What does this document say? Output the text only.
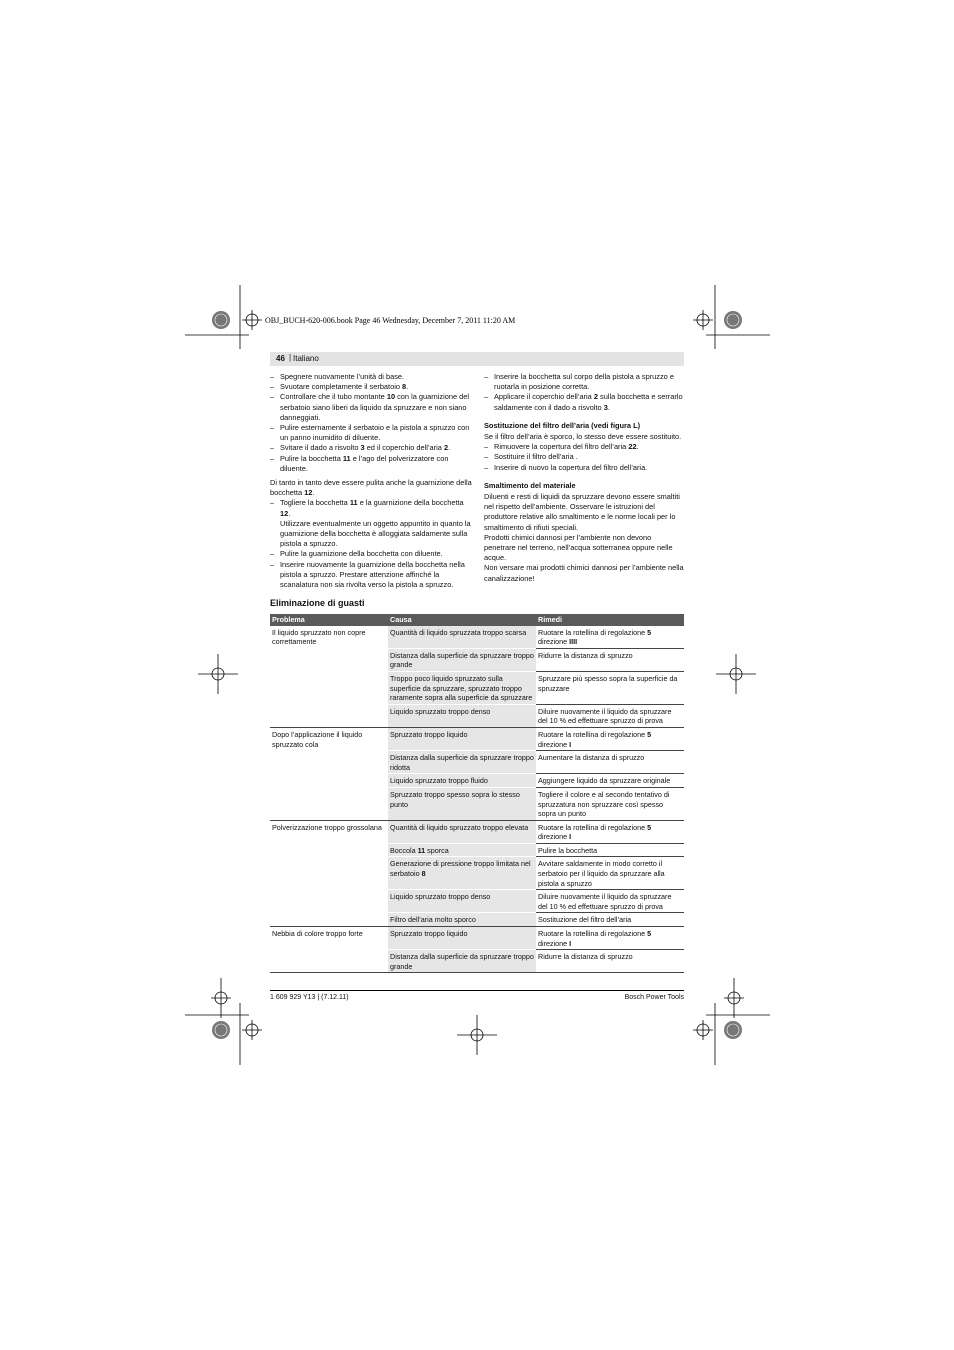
OBJ_BUCH-620-006.book Page 46 Wednesday, December 7, 2011 11:20 AM
46 | Italiano
– Spegnere nuovamente l’unità di base.
– Svuotare completamente il serbatoio 8.
– Controllare che il tubo montante 10 con la guarnizione del serbatoio siano liberi da liquido da spruzzare e non siano danneggiati.
– Pulire esternamente il serbatoio e la pistola a spruzzo con un panno inumidito di diluente.
– Svitare il dado a risvolto 3 ed il coperchio dell’aria 2.
– Pulire la bocchetta 11 e l’ago del polverizzatore con diluente.

Di tanto in tanto deve essere pulita anche la guarnizione della bocchetta 12.

– Togliere la bocchetta 11 e la guarnizione della bocchetta 12.
Utilizzare eventualmente un oggetto appuntito in quanto la guarnizione della bocchetta è alloggiata saldamente sulla pistola a spruzzo.
– Pulire la guarnizione della bocchetta con diluente.
– Inserire nuovamente la guarnizione della bocchetta nella pistola a spruzzo. Prestare attenzione affinché la scanalatura non sia rivolta verso la pistola a spruzzo.
– Inserire la bocchetta sul corpo della pistola a spruzzo e ruotarla in posizione corretta.
– Applicare il coperchio dell’aria 2 sulla bocchetta e serrarlo saldamente con il dado a risvolto 3.

Sostituzione del filtro dell’aria (vedi figura L)

Se il filtro dell’aria è sporco, lo stesso deve essere sostituito.

– Rimuovere la copertura del filtro dell’aria 22.
– Sostituire il filtro dell’aria .
– Inserire di nuovo la copertura del filtro dell’aria.

Smaltimento del materiale

Diluenti e resti di liquidi da spruzzare devono essere smaltiti nel rispetto dell’ambiente. Osservare le istruzioni del produttore relative allo smaltimento e le norme locali per lo smaltimento di rifiuti speciali.

Prodotti chimici dannosi per l’ambiente non devono penetrare nel terreno, nell’acqua sotterranea oppure nelle acque.

Non versare mai prodotti chimici dannosi per l’ambiente nella canalizzazione!

Eliminazione di guasti
Problema	Causa	Rimedi
Il liquido spruzzato non copre correttamente	Quantità di liquido spruzzata troppo scarsa	Ruotare la rotellina di regolazione 5 direzione IIII
	Distanza dalla superficie da spruzzare troppo grande	Ridurre la distanza di spruzzo
	Troppo poco liquido spruzzato sulla superficie da spruzzare, spruzzato troppo raramente sopra alla superficie da spruzzare	Spruzzare più spesso sopra la superficie da spruzzare
	Liquido spruzzato troppo denso	Diluire nuovamente il liquido da spruzzare del 10 % ed effettuare spruzzo di prova
Dopo l’applicazione il liquido spruzzato cola	Spruzzato troppo liquido	Ruotare la rotellina di regolazione 5 direzione I
	Distanza dalla superficie da spruzzare troppo ridotta	Aumentare la distanza di spruzzo
	Liquido spruzzato troppo fluido	Aggiungere liquido da spruzzare originale
	Spruzzato troppo spesso sopra lo stesso punto	Togliere il colore e al secondo tentativo di spruzzatura non spruzzare così spesso sopra un punto
Polverizzazione troppo grossolana	Quantità di liquido spruzzato troppo elevata	Ruotare la rotellina di regolazione 5 direzione I
	Boccola 11 sporca	Pulire la bocchetta
	Generazione di pressione troppo limitata nel serbatoio 8	Avvitare saldamente in modo corretto il serbatoio per il liquido da spruzzare alla pistola a spruzzo
	Liquido spruzzato troppo denso	Diluire nuovamente il liquido da spruzzare del 10 % ed effettuare spruzzo di prova
	Filtro dell’aria molto sporco	Sostituzione del filtro dell’aria
Nebbia di colore troppo forte	Spruzzato troppo liquido	Ruotare la rotellina di regolazione 5 direzione I
	Distanza dalla superficie da spruzzare troppo grande	Ridurre la distanza di spruzzo
1 609 929 Y13 | (7.12.11)	Bosch Power Tools
